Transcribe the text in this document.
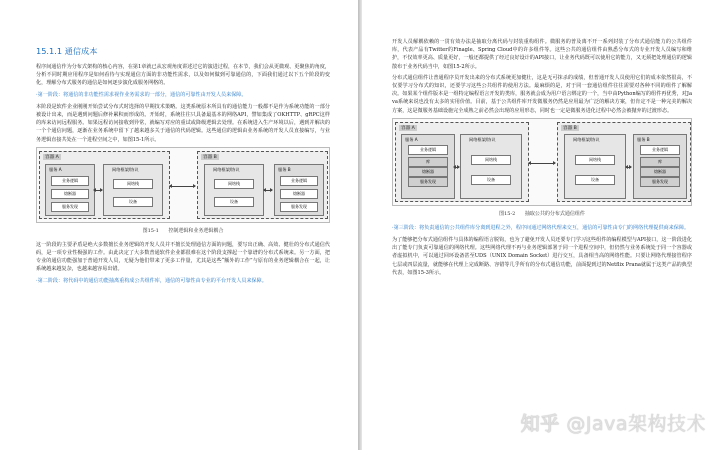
15.1.1 通信成本

程序间通信作为分布式架构的核心内容，在第1章就已从宏观角度讲述过它的演进过程，在本节，我们会从更微观、更聚焦的角度，分析不同时期应用程序是如何看待与实现通信方面的非功能性需求，以及如何做到可靠通信的，下面我们通过以下五个阶段的变化，理解分布式服务的通信是如何逐步演化成服务网格的。

·第一阶段：将通信的非功能性需求视作业务需求的一部分，通信的可靠性由开发人员来保障。

本阶段是软件企业刚刚开始尝试分布式时选择的早期技术策略。这类系统原本所具有的通信能力一般都不是作为系统功能的一部分被设计出来，而是遇到问题后修补累积而形成的。开始时，系统往往只具备最基本的网络API，譬如集成了OKHTTP、gRPC这样的库来访问远程服务。如果远程访问接收到异常，就编写对应的重试或降级逻辑去处理。在系统进入生产环境以后，遇到并解决的一个个通信问题，逐渐在业务系统中留下了越来越多关于通信的代码逻辑。这些通信的逻辑由业务系统的开发人员直接编写，与业务逻辑直接共处在一个进程空间之中，如图15-1所示。

容器 A
服务 A
业务逻辑
熔断器
服务发现
网络框架/协议
网络栈
设备
容器 B
网络框架/协议
网络栈
设备
服务 B
业务逻辑
熔断器
服务发现
图15-1 控制逻辑和业务逻辑耦合

这一阶段的主要矛盾是绝大多数擅长业务逻辑的开发人员并不擅长处理通信方面的问题，要写出正确、高效、健壮的分布式通信代码，是一项专业性极强的工作。由此决定了大多数普通软件企业都很难在这个阶段支撑起一个靠谱的分布式系统来。另一方面，把专业的通信功能强加于普通开发人员，无疑为他们带来了更多工作量，尤其是这些“额外的工作”与原有的业务逻辑耦合在一起，让系统越来越复杂，也越来越容易出错。

·第二阶段：将代码中的通信功能抽离重构成公共组件库，通信的可靠性由专业的平台开发人员来保障。

开发人员解耦依赖的一贯有效办法是抽取分离代码与封装重构组件。微服务的普及离不开一系列封装了分布式通信能力的公共组件库，代表产品有Twitter的Finagle、Spring Cloud中的许多组件等。这些公共的通信组件由熟悉分布式的专业开发人员编写和维护，不仅效率更高、质量更好，一般还都提供了经过良好设计的API接口，让业务代码既可以使用它的能力，又无须把处理通信的逻辑散布于业务代码当中，如图15-2所示。

分布式通信组件让普通程序员开发出来的分布式系统更加健壮，这是无可抹杀的成绩，但普通开发人员使用它们的成本依然很高，不仅要学习分布式的知识，还要学习这些公共组件的使用方法。最麻烦的是，对于同一套通信组件往往需要对各种不同的组件了解解决。如果某个组件版本是一组特定编程语言开发的类库，服务就会成为用户语言绑定的一个，当中由Python编写的组件再优秀，对Java系统来说也没有太多的实用价值。目前，基于公共组件库开发微服务仍然是应用最为广泛的解决方案，但肯定不是一种完美的解决方案，这是微服务基础设施完全成熟之前必然会出现的应用形态，同时也一定是微服务进化过程中必然会被抛弃的过渡形态。

容器 A
服务 A
业务逻辑
库
熔断器
服务发现
网络框架/协议
网络栈
设备
容器 B
网络框架/协议
网络栈
设备
服务 B
业务逻辑
库
熔断器
服务发现
图15-2 抽取公共的分布式通信组件

·第三阶段：将负责通信的公共组件库分离到进程之外，程序间通过网络代理来交互，通信的可靠性由专门的网络代理提供商来保障。

为了能够把分布式通信组件与具体的编程语言脱钩，也为了避免开发人员还要专门学习这些组件的编程模型与API接口，这一阶段进化出了能专门负责可靠通信的网络代理。这些网络代理不再与业务逻辑部署于同一个进程空间中，但仍然与业务系统处于同一个容器或者虚拟机中，可以通过回环设备甚至UDS（UNIX Domain Socket）进行交互，具备相当高的网络性能。只要让网络代理接管程序七层或四层流量，就能够在代理上完成断路、容错等几乎所有的分布式通信功能，前面提到过的Netflix Prana就属于这类产品的典型代表，如图15-3所示。

知乎 @Java架构技术
